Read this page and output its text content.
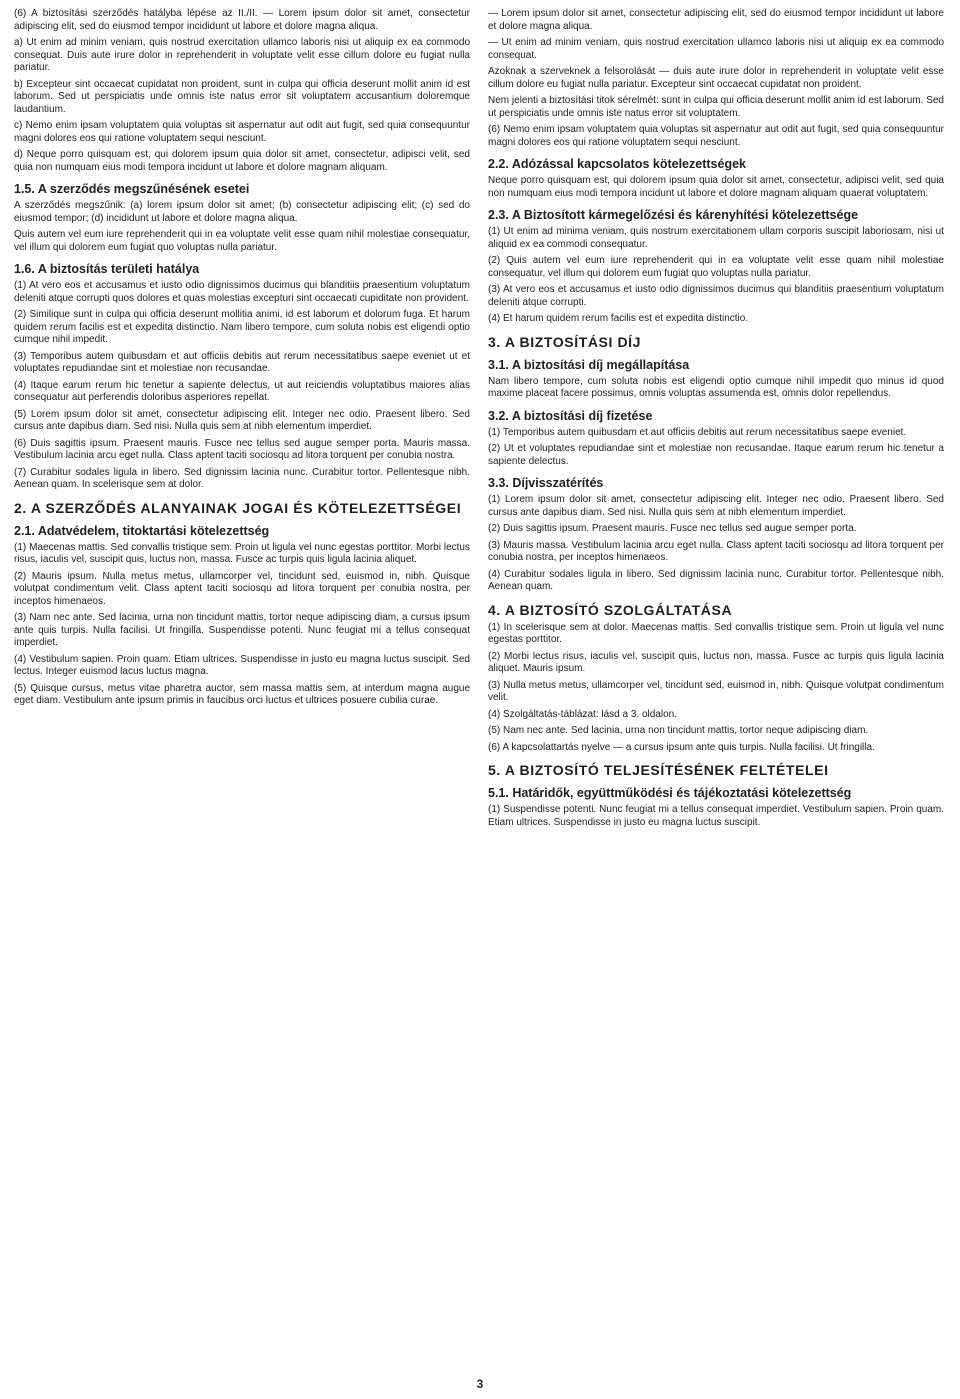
(6) A biztosítási szerződés hatályba lépése az II./II. — Lorem ipsum dolor sit amet, consectetur adipiscing elit, sed do eiusmod tempor incididunt ut labore et dolore magna aliqua.

a) Ut enim ad minim veniam, quis nostrud exercitation ullamco laboris nisi ut aliquip ex ea commodo consequat. Duis aute irure dolor in reprehenderit in voluptate velit esse cillum dolore eu fugiat nulla pariatur.

b) Excepteur sint occaecat cupidatat non proident, sunt in culpa qui officia deserunt mollit anim id est laborum. Sed ut perspiciatis unde omnis iste natus error sit voluptatem accusantium doloremque laudantium.

c) Nemo enim ipsam voluptatem quia voluptas sit aspernatur aut odit aut fugit, sed quia consequuntur magni dolores eos qui ratione voluptatem sequi nesciunt.

d) Neque porro quisquam est, qui dolorem ipsum quia dolor sit amet, consectetur, adipisci velit, sed quia non numquam eius modi tempora incidunt ut labore et dolore magnam aliquam.

1.5. A szerződés megszűnésének esetei

A szerződés megszűnik: (a) lorem ipsum dolor sit amet; (b) consectetur adipiscing elit; (c) sed do eiusmod tempor; (d) incididunt ut labore et dolore magna aliqua.

Quis autem vel eum iure reprehenderit qui in ea voluptate velit esse quam nihil molestiae consequatur, vel illum qui dolorem eum fugiat quo voluptas nulla pariatur.

1.6. A biztosítás területi hatálya

(1) At vero eos et accusamus et iusto odio dignissimos ducimus qui blanditiis praesentium voluptatum deleniti atque corrupti quos dolores et quas molestias excepturi sint occaecati cupiditate non provident.

(2) Similique sunt in culpa qui officia deserunt mollitia animi, id est laborum et dolorum fuga. Et harum quidem rerum facilis est et expedita distinctio. Nam libero tempore, cum soluta nobis est eligendi optio cumque nihil impedit.

(3) Temporibus autem quibusdam et aut officiis debitis aut rerum necessitatibus saepe eveniet ut et voluptates repudiandae sint et molestiae non recusandae.

(4) Itaque earum rerum hic tenetur a sapiente delectus, ut aut reiciendis voluptatibus maiores alias consequatur aut perferendis doloribus asperiores repellat.

(5) Lorem ipsum dolor sit amet, consectetur adipiscing elit. Integer nec odio. Praesent libero. Sed cursus ante dapibus diam. Sed nisi. Nulla quis sem at nibh elementum imperdiet.

(6) Duis sagittis ipsum. Praesent mauris. Fusce nec tellus sed augue semper porta. Mauris massa. Vestibulum lacinia arcu eget nulla. Class aptent taciti sociosqu ad litora torquent per conubia nostra.

(7) Curabitur sodales ligula in libero. Sed dignissim lacinia nunc. Curabitur tortor. Pellentesque nibh. Aenean quam. In scelerisque sem at dolor.

2. A SZERZŐDÉS ALANYAINAK JOGAI ÉS KÖTELEZETTSÉGEI
2.1. Adatvédelem, titoktartási kötelezettség

(1) Maecenas mattis. Sed convallis tristique sem. Proin ut ligula vel nunc egestas porttitor. Morbi lectus risus, iaculis vel, suscipit quis, luctus non, massa. Fusce ac turpis quis ligula lacinia aliquet.

(2) Mauris ipsum. Nulla metus metus, ullamcorper vel, tincidunt sed, euismod in, nibh. Quisque volutpat condimentum velit. Class aptent taciti sociosqu ad litora torquent per conubia nostra, per inceptos himenaeos.

(3) Nam nec ante. Sed lacinia, urna non tincidunt mattis, tortor neque adipiscing diam, a cursus ipsum ante quis turpis. Nulla facilisi. Ut fringilla. Suspendisse potenti. Nunc feugiat mi a tellus consequat imperdiet.

(4) Vestibulum sapien. Proin quam. Etiam ultrices. Suspendisse in justo eu magna luctus suscipit. Sed lectus. Integer euismod lacus luctus magna.

(5) Quisque cursus, metus vitae pharetra auctor, sem massa mattis sem, at interdum magna augue eget diam. Vestibulum ante ipsum primis in faucibus orci luctus et ultrices posuere cubilia curae.

— Lorem ipsum dolor sit amet, consectetur adipiscing elit, sed do eiusmod tempor incididunt ut labore et dolore magna aliqua.

— Ut enim ad minim veniam, quis nostrud exercitation ullamco laboris nisi ut aliquip ex ea commodo consequat.

Azoknak a szerveknek a felsorolását — duis aute irure dolor in reprehenderit in voluptate velit esse cillum dolore eu fugiat nulla pariatur. Excepteur sint occaecat cupidatat non proident.

Nem jelenti a biztosítási titok sérelmét: sunt in culpa qui officia deserunt mollit anim id est laborum. Sed ut perspiciatis unde omnis iste natus error sit voluptatem.

(6) Nemo enim ipsam voluptatem quia voluptas sit aspernatur aut odit aut fugit, sed quia consequuntur magni dolores eos qui ratione voluptatem sequi nesciunt.

2.2. Adózással kapcsolatos kötelezettségek

Neque porro quisquam est, qui dolorem ipsum quia dolor sit amet, consectetur, adipisci velit, sed quia non numquam eius modi tempora incidunt ut labore et dolore magnam aliquam quaerat voluptatem.

2.3. A Biztosított kármegelőzési és kárenyhítési kötelezettsége

(1) Ut enim ad minima veniam, quis nostrum exercitationem ullam corporis suscipit laboriosam, nisi ut aliquid ex ea commodi consequatur.

(2) Quis autem vel eum iure reprehenderit qui in ea voluptate velit esse quam nihil molestiae consequatur, vel illum qui dolorem eum fugiat quo voluptas nulla pariatur.

(3) At vero eos et accusamus et iusto odio dignissimos ducimus qui blanditiis praesentium voluptatum deleniti atque corrupti.

(4) Et harum quidem rerum facilis est et expedita distinctio.

3. A BIZTOSÍTÁSI DÍJ
3.1. A biztosítási díj megállapítása

Nam libero tempore, cum soluta nobis est eligendi optio cumque nihil impedit quo minus id quod maxime placeat facere possimus, omnis voluptas assumenda est, omnis dolor repellendus.

3.2. A biztosítási díj fizetése

(1) Temporibus autem quibusdam et aut officiis debitis aut rerum necessitatibus saepe eveniet.

(2) Ut et voluptates repudiandae sint et molestiae non recusandae. Itaque earum rerum hic tenetur a sapiente delectus.

3.3. Díjvisszatérítés

(1) Lorem ipsum dolor sit amet, consectetur adipiscing elit. Integer nec odio. Praesent libero. Sed cursus ante dapibus diam. Sed nisi. Nulla quis sem at nibh elementum imperdiet.

(2) Duis sagittis ipsum. Praesent mauris. Fusce nec tellus sed augue semper porta.

(3) Mauris massa. Vestibulum lacinia arcu eget nulla. Class aptent taciti sociosqu ad litora torquent per conubia nostra, per inceptos himenaeos.

(4) Curabitur sodales ligula in libero. Sed dignissim lacinia nunc. Curabitur tortor. Pellentesque nibh. Aenean quam.

4. A BIZTOSÍTÓ SZOLGÁLTATÁSA

(1) In scelerisque sem at dolor. Maecenas mattis. Sed convallis tristique sem. Proin ut ligula vel nunc egestas porttitor.

(2) Morbi lectus risus, iaculis vel, suscipit quis, luctus non, massa. Fusce ac turpis quis ligula lacinia aliquet. Mauris ipsum.

(3) Nulla metus metus, ullamcorper vel, tincidunt sed, euismod in, nibh. Quisque volutpat condimentum velit.

(4) Szolgáltatás-táblázat: lásd a 3. oldalon.

(5) Nam nec ante. Sed lacinia, urna non tincidunt mattis, tortor neque adipiscing diam.

(6) A kapcsolattartás nyelve — a cursus ipsum ante quis turpis. Nulla facilisi. Ut fringilla.

5. A BIZTOSÍTÓ TELJESÍTÉSÉNEK FELTÉTELEI
5.1. Határidők, együttműködési és tájékoztatási kötelezettség

(1) Suspendisse potenti. Nunc feugiat mi a tellus consequat imperdiet. Vestibulum sapien. Proin quam. Etiam ultrices. Suspendisse in justo eu magna luctus suscipit.

3
